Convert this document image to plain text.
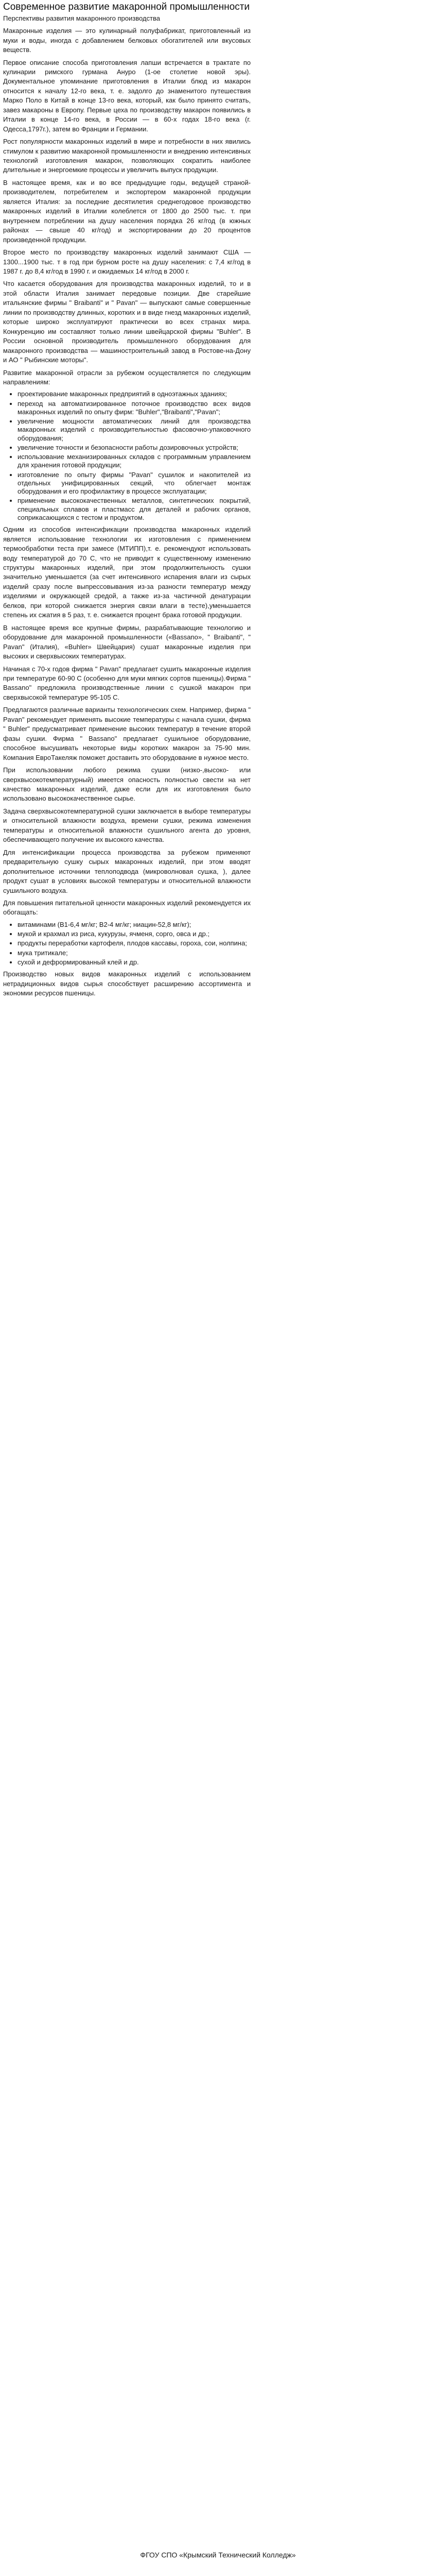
Современное развитие макаронной промышленности

Перспективы развития макаронного производства

Макаронные изделия — это кулинарный полуфабрикат, приготовленный из муки и воды, иногда с добавлением белковых обогатителей или вкусовых веществ.

Первое описание способа приготовления лапши встречается в трактате по кулинарии римского гурмана Ануро (1-ое столетие новой эры). Документальное упоминание приготовления в Италии блюд из макарон относится к началу 12-го века, т. е. задолго до знаменитого путешествия Марко Поло в Китай в конце 13-го века, который, как было принято считать, завез макароны в Европу. Первые цеха по производству макарон появились в Италии в конце 14-го века, в России — в 60-х годах 18-го века (г. Одесса,1797г.), затем во Франции и Германии.

Рост популярности макаронных изделий в мире и потребности в них явились стимулом к развитию макаронной промышленности и внедрению интенсивных технологий изготовления макарон, позволяющих сократить наиболее длительные и энергоемкие процессы и увеличить выпуск продукции.

В настоящее время, как и во все предыдущие годы, ведущей страной-производителем, потребителем и экспортером макаронной продукции является Италия: за последние десятилетия среднегодовое производство макаронных изделий в Италии колеблется от 1800 до 2500 тыс. т. при внутреннем потреблении на душу населения порядка 26 кг/год (в южных районах — свыше 40 кг/год) и экспортировании до 20 процентов произведенной продукции.

Второе место по производству макаронных изделий занимают США — 1300...1900 тыс. т в год при бурном росте на душу населения: с 7,4 кг/год в 1987 г. до 8,4 кг/год в 1990 г. и ожидаемых 14 кг/год в 2000 г.

Что касается оборудования для производства макаронных изделий, то и в этой области Италия занимает передовые позиции. Две старейшие итальянские фирмы " Braibanti" и " Pavan" — выпускают самые совершенные линии по производству длинных, коротких и в виде гнезд макаронных изделий, которые широко эксплуатируют практически во всех странах мира. Конкуренцию им составляют только линии швейцарской фирмы "Buhler". В России основной производитель промышленного оборудования для макаронного производства — машиностроительный завод в Ростове-на-Дону и АО " Рыбинские моторы".

Развитие макаронной отрасли за рубежом осуществляется по следующим направлениям:

• проектирование макаронных предприятий в одноэтажных зданиях;
• переход на автоматизированное поточное производство всех видов макаронных изделий по опыту фирм: "Buhler","Braibanti","Pavan";
• увеличение мощности автоматических линий для производства макаронных изделий с производительностью фасовочно-упаковочного оборудования;
• увеличение точности и безопасности работы дозировочных устройств;
• использование механизированных складов с программным управлением для хранения готовой продукции;
• изготовление по опыту фирмы "Pavan" сушилок и накопителей из отдельных унифицированных секций, что облегчает монтаж оборудования и его профилактику в процессе эксплуатации;
• применение высококачественных металлов, синтетических покрытий, специальных сплавов и пластмасс для деталей и рабочих органов, соприкасающихся с тестом и продуктом.

Одним из способов интенсификации производства макаронных изделий является использование технологии их изготовления с применением термообработки теста при замесе (МТИПП),т. е. рекомендуют использовать воду температурой до 70 С, что не приводит к существенному изменению структуры макаронных изделий, при этом продолжительность сушки значительно уменьшается (за счет интенсивного испарения влаги из сырых изделий сразу после выпрессовывания из-за разности температур между изделиями и окружающей средой, а также из-за частичной денатурации белков, при которой снижается энергия связи влаги в тесте),уменьшается степень их сжатия в 5 раз, т. е. снижается процент брака готовой продукции.

В настоящее время все крупные фирмы, разрабатывающие технологию и оборудование для макаронной промышленности («Bassano», " Braibanti", " Pavan" (Италия), «Buhler» Швейцария) сушат макаронные изделия при высоких и сверхвысоких температурах.

Начиная с 70-х годов фирма " Pavan" предлагает сушить макаронные изделия при температуре 60-90 С (особенно для муки мягких сортов пшеницы).Фирма " Bassano" предложила производственные линии с сушкой макарон при сверхвысокой температуре 95-105 С.

Предлагаются различные варианты технологических схем. Например, фирма " Pavan" рекомендует применять высокие температуры с начала сушки, фирма " Buhler" предусматривает применение высоких температур в течение второй фазы сушки. Фирма " Bassano" предлагает сушильное оборудование, способное высушивать некоторые виды коротких макарон за 75-90 мин. Компания ЕвроТакеляж поможет доставить это оборудование в нужное место.

При использовании любого режима сушки (низко-,высоко- или сверхвысокотемпературный) имеется опасность полностью свести на нет качество макаронных изделий, даже если для их изготовления было использовано высококачественное сырье.

Задача сверхвысокотемпературной сушки заключается в выборе температуры и относительной влажности воздуха, времени сушки, режима изменения температуры и относительной влажности сушильного агента до уровня, обеспечивающего получение их высокого качества.

Для интенсификации процесса производства за рубежом применяют предварительную сушку сырых макаронных изделий, при этом вводят дополнительное источники теплоподвода (микроволновая сушка, ), далее продукт сушат в условиях высокой температуры и относительной влажности сушильного воздуха.

Для повышения питательной ценности макаронных изделий рекомендуется их обогащать:

• витаминами (В1-6,4 мг/кг; В2-4 мг/кг; ниацин-52,8 мг/кг);
• мукой и крахмал из риса, кукурузы, ячменя, сорго, овса и др.;
• продукты переработки картофеля, плодов кассавы, гороха, сои, нолпина;
• мука тритикале;
• сухой и дефрормированный клей и др.

Производство новых видов макаронных изделий с использованием нетрадиционных видов сырья способствует расширению ассортимента и экономии ресурсов пшеницы.

ФГОУ СПО «Крымский Технический Колледж»
